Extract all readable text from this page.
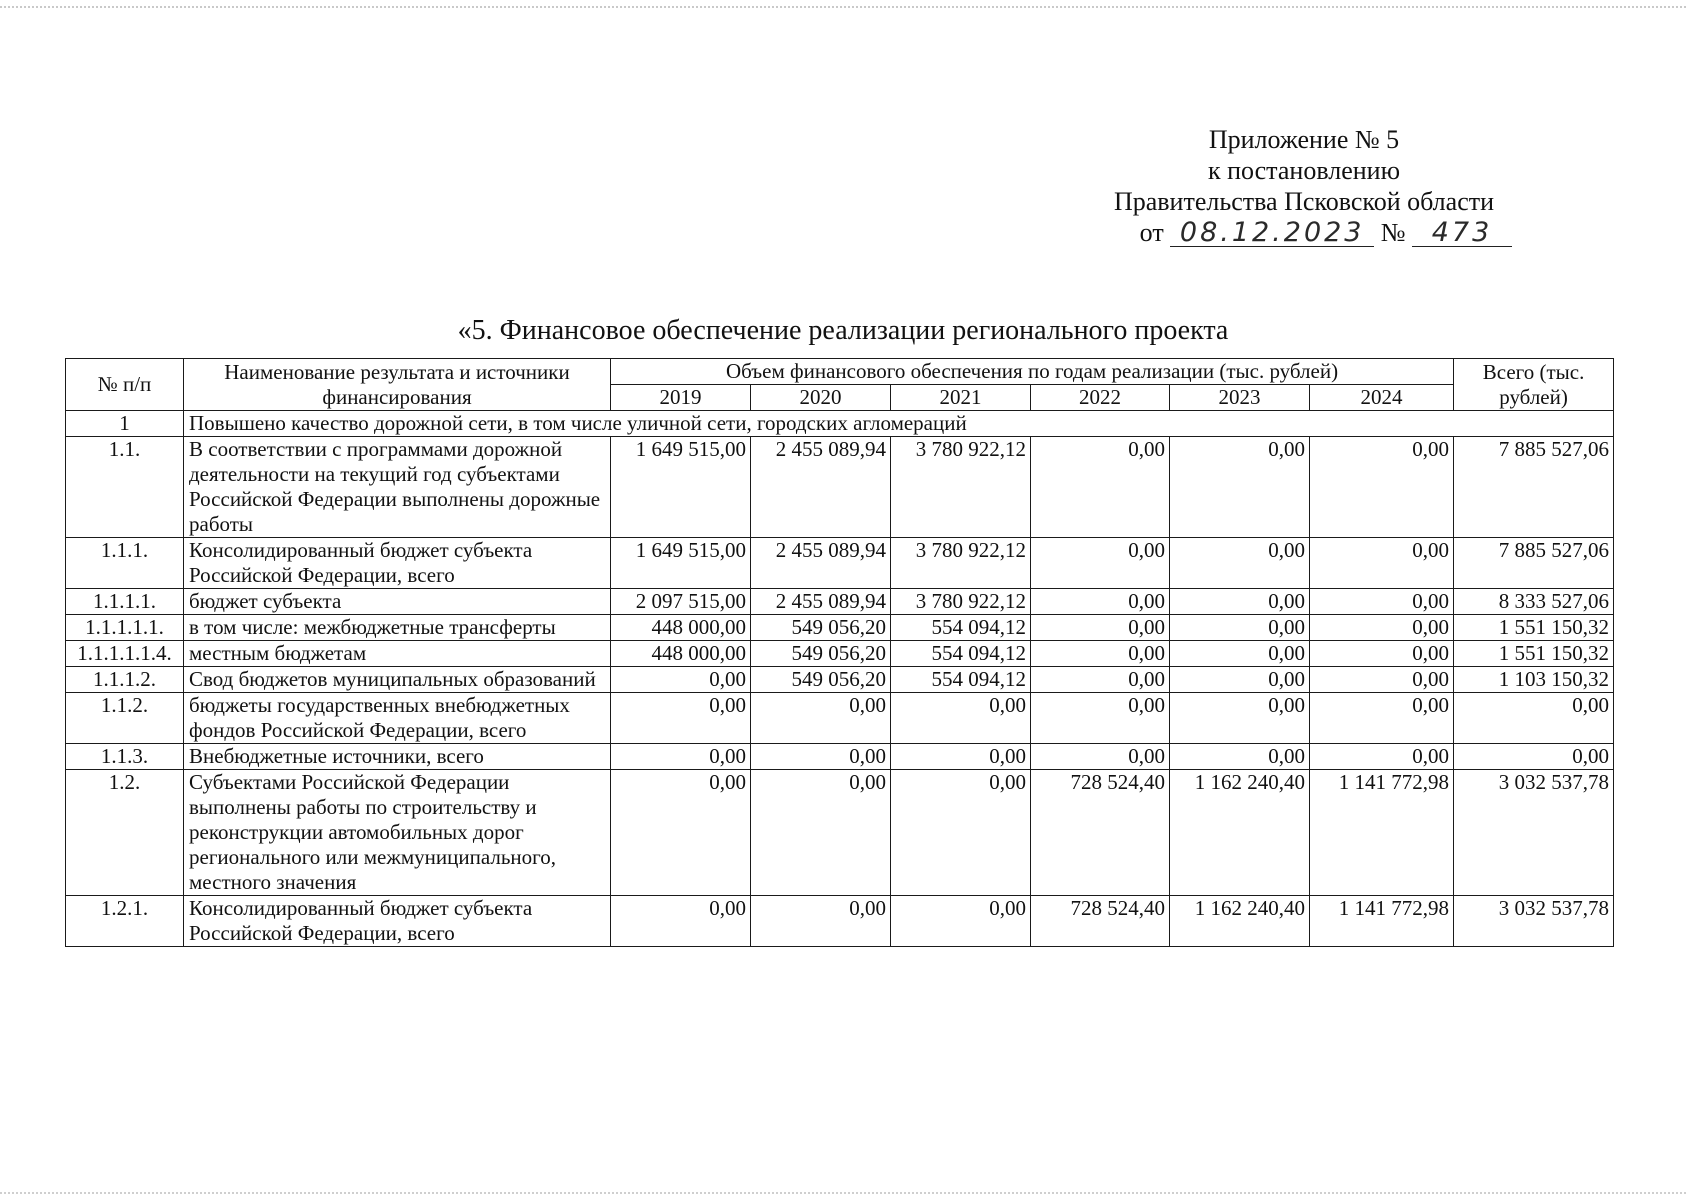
Приложение № 5
к постановлению
Правительства Псковской области
от 08.12.2023 № 473
«5. Финансовое обеспечение реализации регионального проекта
№ п/п	Наименование результата и источники финансирования	Объем финансового обеспечения по годам реализации (тыс. рублей)						Всего (тыс. рублей)
		2019	2020	2021	2022	2023	2024	
1	Повышено качество дорожной сети, в том числе уличной сети, городских агломераций							
1.1.	В соответствии с программами дорожной деятельности на текущий год субъектами Российской Федерации выполнены дорожные работы	1 649 515,00	2 455 089,94	3 780 922,12	0,00	0,00	0,00	7 885 527,06
1.1.1.	Консолидированный бюджет субъекта Российской Федерации, всего	1 649 515,00	2 455 089,94	3 780 922,12	0,00	0,00	0,00	7 885 527,06
1.1.1.1.	бюджет субъекта	2 097 515,00	2 455 089,94	3 780 922,12	0,00	0,00	0,00	8 333 527,06
1.1.1.1.1.	в том числе: межбюджетные трансферты	448 000,00	549 056,20	554 094,12	0,00	0,00	0,00	1 551 150,32
1.1.1.1.1.4.	местным бюджетам	448 000,00	549 056,20	554 094,12	0,00	0,00	0,00	1 551 150,32
1.1.1.2.	Свод бюджетов муниципальных образований	0,00	549 056,20	554 094,12	0,00	0,00	0,00	1 103 150,32
1.1.2.	бюджеты государственных внебюджетных фондов Российской Федерации, всего	0,00	0,00	0,00	0,00	0,00	0,00	0,00
1.1.3.	Внебюджетные источники, всего	0,00	0,00	0,00	0,00	0,00	0,00	0,00
1.2.	Субъектами Российской Федерации выполнены работы по строительству и реконструкции автомобильных дорог регионального или межмуниципального, местного значения	0,00	0,00	0,00	728 524,40	1 162 240,40	1 141 772,98	3 032 537,78
1.2.1.	Консолидированный бюджет субъекта Российской Федерации, всего	0,00	0,00	0,00	728 524,40	1 162 240,40	1 141 772,98	3 032 537,78
